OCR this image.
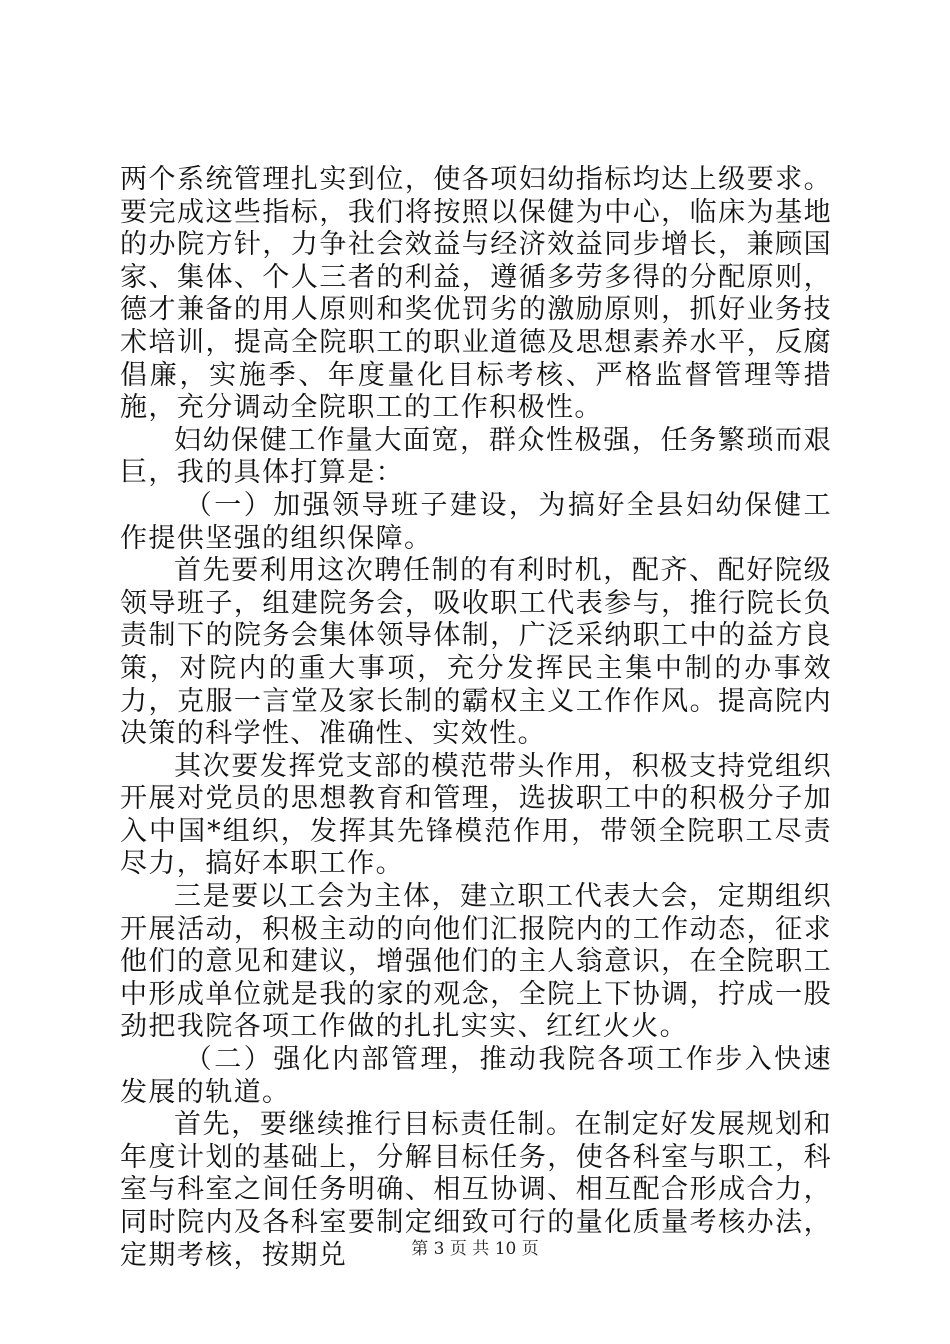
两个系统管理扎实到位，使各项妇幼指标均达上级要求。要完成这些指标，我们将按照以保健为中心，临床为基地的办院方针，力争社会效益与经济效益同步增长，兼顾国家、集体、个人三者的利益，遵循多劳多得的分配原则，德才兼备的用人原则和奖优罚劣的激励原则，抓好业务技术培训，提高全院职工的职业道德及思想素养水平，反腐倡廉，实施季、年度量化目标考核、严格监督管理等措施，充分调动全院职工的工作积极性。

妇幼保健工作量大面宽，群众性极强，任务繁琐而艰巨，我的具体打算是：

（一）加强领导班子建设，为搞好全县妇幼保健工作提供坚强的组织保障。

首先要利用这次聘任制的有利时机，配齐、配好院级领导班子，组建院务会，吸收职工代表参与，推行院长负责制下的院务会集体领导体制，广泛采纳职工中的益方良策，对院内的重大事项，充分发挥民主集中制的办事效力，克服一言堂及家长制的霸权主义工作作风。提高院内决策的科学性、准确性、实效性。

其次要发挥党支部的模范带头作用，积极支持党组织开展对党员的思想教育和管理，选拔职工中的积极分子加入中国*组织，发挥其先锋模范作用，带领全院职工尽责尽力，搞好本职工作。

三是要以工会为主体，建立职工代表大会，定期组织开展活动，积极主动的向他们汇报院内的工作动态，征求他们的意见和建议，增强他们的主人翁意识，在全院职工中形成单位就是我的家的观念，全院上下协调，拧成一股劲把我院各项工作做的扎扎实实、红红火火。

（二）强化内部管理，推动我院各项工作步入快速发展的轨道。

首先，要继续推行目标责任制。在制定好发展规划和年度计划的基础上，分解目标任务，使各科室与职工，科室与科室之间任务明确、相互协调、相互配合形成合力，同时院内及各科室要制定细致可行的量化质量考核办法，定期考核，按期兑	第 3 页 共 10 页
